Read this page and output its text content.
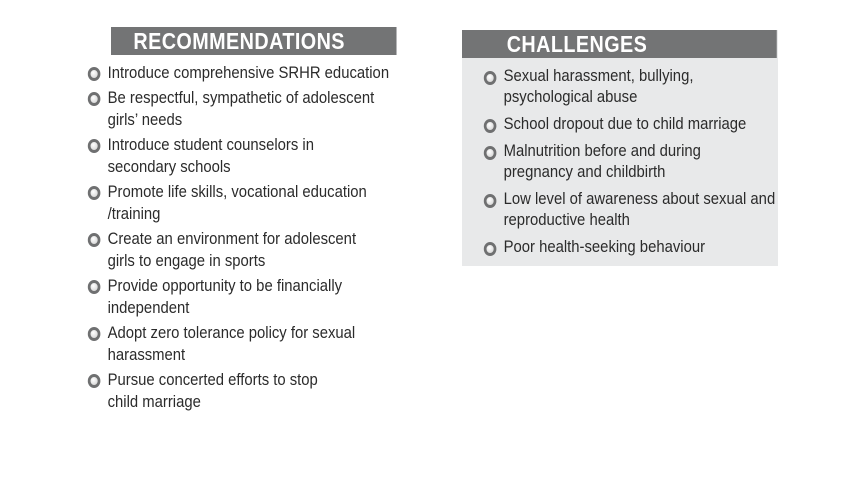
RECOMMENDATIONS
Introduce comprehensive SRHR education
Be respectful, sympathetic of adolescent
girls’ needs
Introduce student counselors in
secondary schools
Promote life skills, vocational education
/training
Create an environment for adolescent
girls to engage in sports
Provide opportunity to be financially
independent
Adopt zero tolerance policy for sexual
harassment
Pursue concerted efforts to stop
child marriage
CHALLENGES
Sexual harassment, bullying,
psychological abuse
School dropout due to child marriage
Malnutrition before and during
pregnancy and childbirth
Low level of awareness about sexual and
reproductive health
Poor health-seeking behaviour
